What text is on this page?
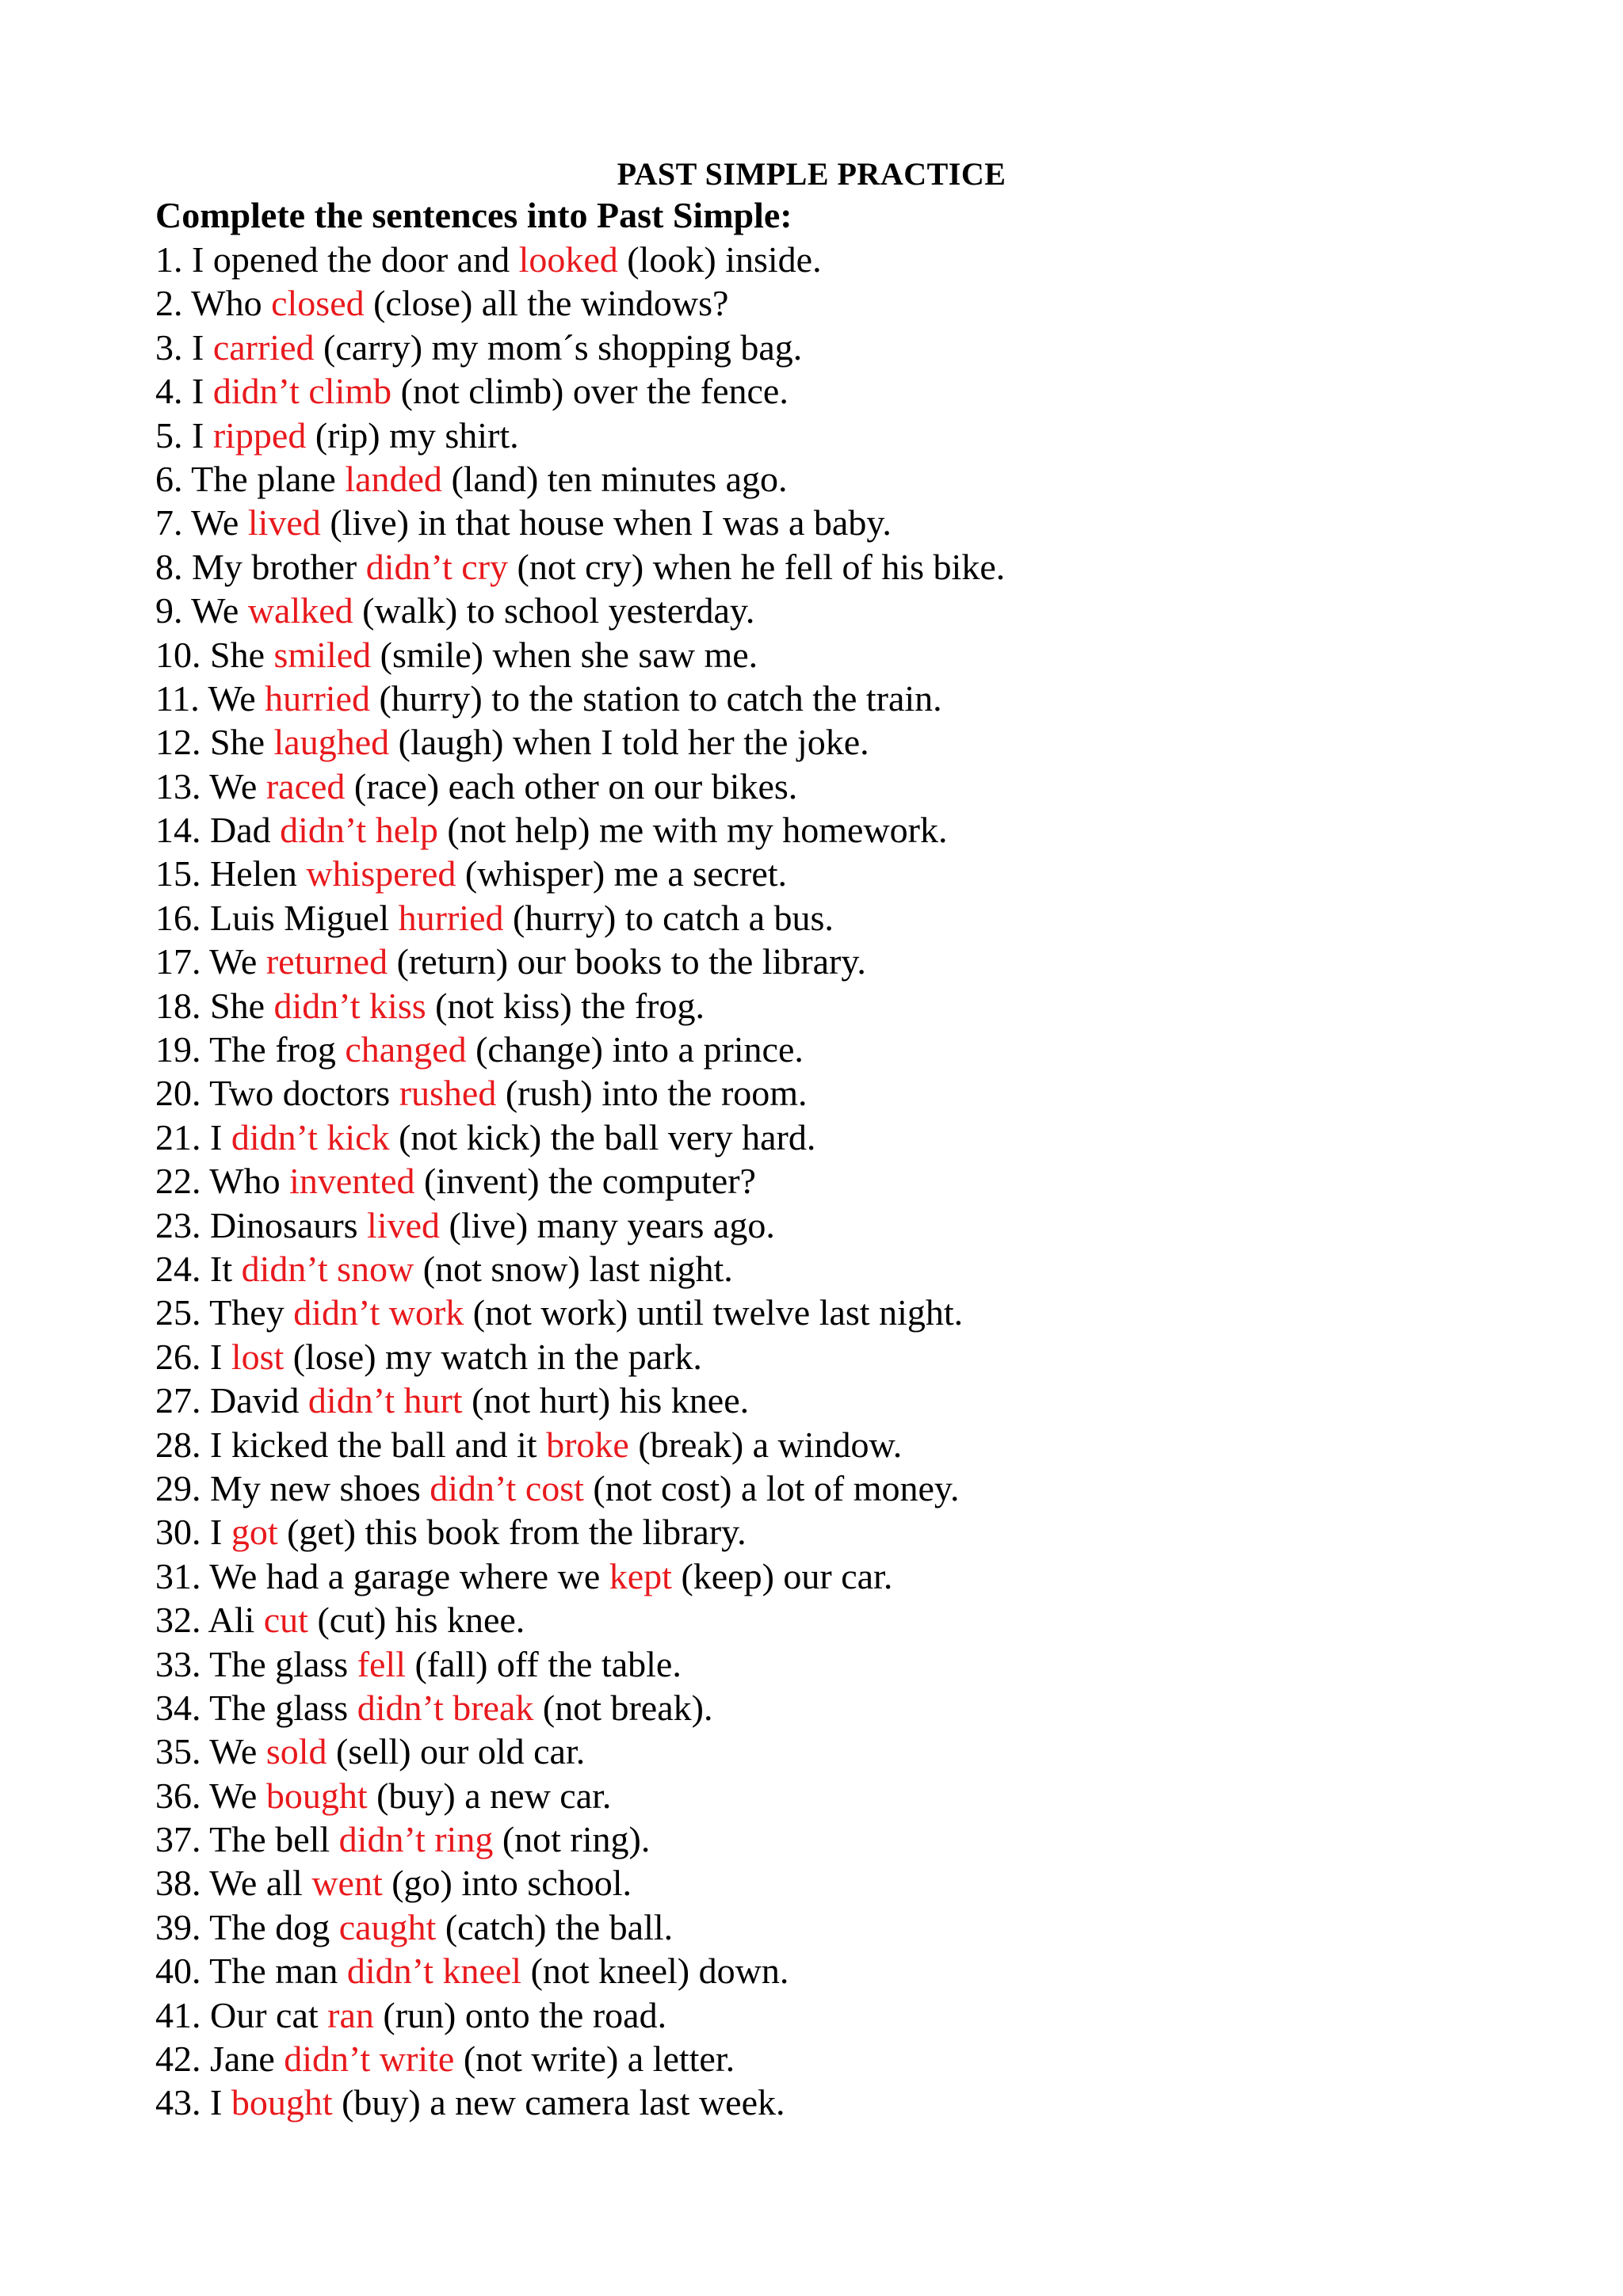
PAST SIMPLE PRACTICE
Complete the sentences into Past Simple:
1. I opened the door and looked (look) inside.
2. Who closed (close) all the windows?
3. I carried (carry) my mom´s shopping bag.
4. I didn’t climb (not climb) over the fence.
5. I ripped (rip) my shirt.
6. The plane landed (land) ten minutes ago.
7. We lived (live) in that house when I was a baby.
8. My brother didn’t cry (not cry) when he fell of his bike.
9. We walked (walk) to school yesterday.
10. She smiled (smile) when she saw me.
11. We hurried (hurry) to the station to catch the train.
12. She laughed (laugh) when I told her the joke.
13. We raced (race) each other on our bikes.
14. Dad didn’t help (not help) me with my homework.
15. Helen whispered (whisper) me a secret.
16. Luis Miguel hurried (hurry) to catch a bus.
17. We returned (return) our books to the library.
18. She didn’t kiss (not kiss) the frog.
19. The frog changed (change) into a prince.
20. Two doctors rushed (rush) into the room.
21. I didn’t kick (not kick) the ball very hard.
22. Who invented (invent) the computer?
23. Dinosaurs lived (live) many years ago.
24. It didn’t snow (not snow) last night.
25. They didn’t work (not work) until twelve last night.
26. I lost (lose) my watch in the park.
27. David didn’t hurt (not hurt) his knee.
28. I kicked the ball and it broke (break) a window.
29. My new shoes didn’t cost (not cost) a lot of money.
30. I got (get) this book from the library.
31. We had a garage where we kept (keep) our car.
32. Ali cut (cut) his knee.
33. The glass fell (fall) off the table.
34. The glass didn’t break (not break).
35. We sold (sell) our old car.
36. We bought (buy) a new car.
37. The bell didn’t ring (not ring).
38. We all went (go) into school.
39. The dog caught (catch) the ball.
40. The man didn’t kneel (not kneel) down.
41. Our cat ran (run) onto the road.
42. Jane didn’t write (not write) a letter.
43. I bought (buy) a new camera last week.
